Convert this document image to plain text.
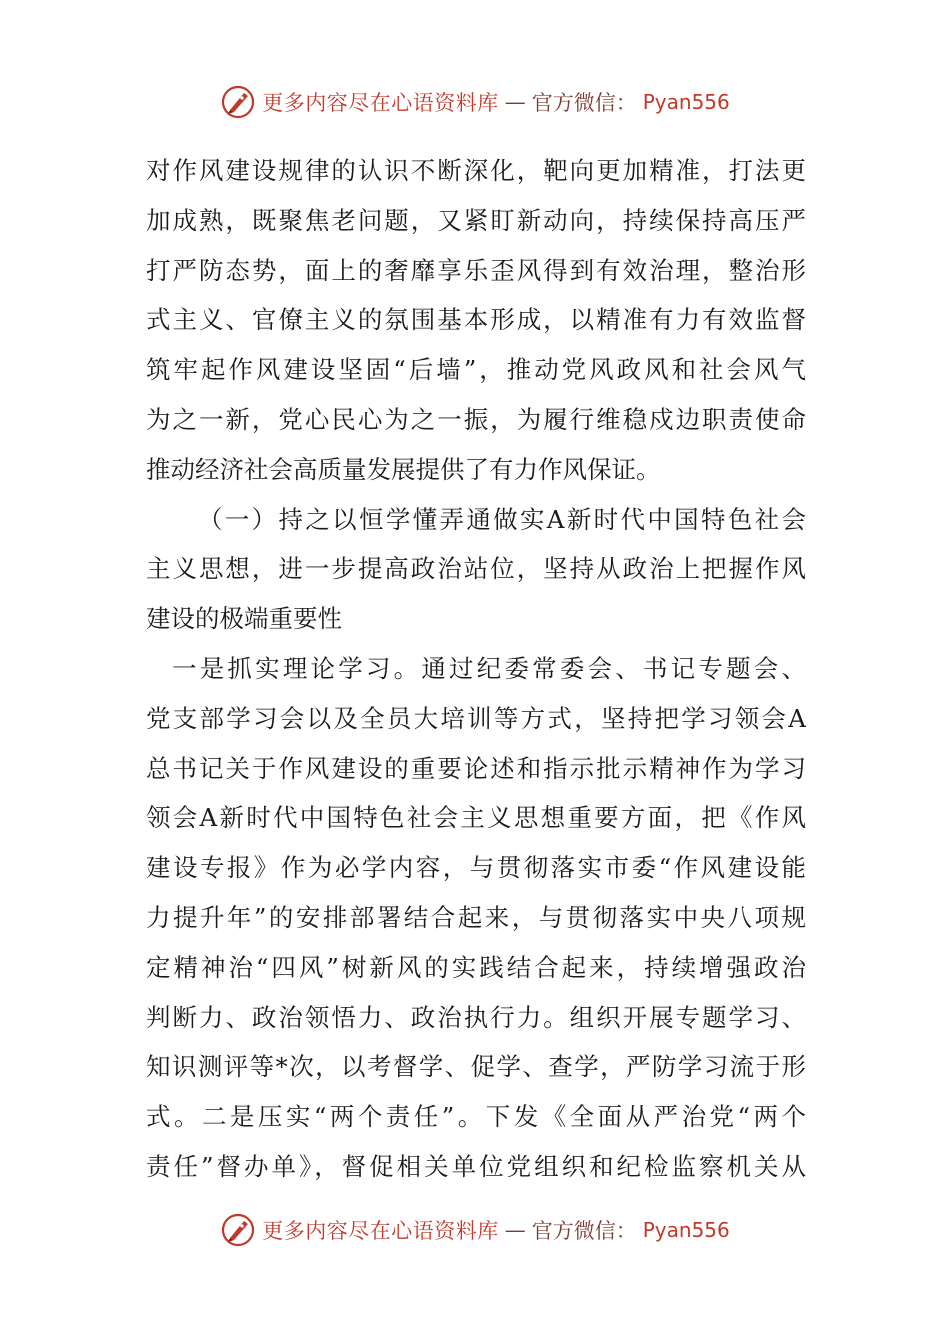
更多内容尽在心语资料库 — 官方微信： Pyan556
对作风建设规律的认识不断深化，靶向更加精准，打法更
加成熟，既聚焦老问题，又紧盯新动向，持续保持高压严
打严防态势，面上的奢靡享乐歪风得到有效治理，整治形
式主义、官僚主义的氛围基本形成，以精准有力有效监督
筑牢起作风建设坚固“后墙”，推动党风政风和社会风气
为之一新，党心民心为之一振，为履行维稳戍边职责使命
推动经济社会高质量发展提供了有力作风保证。
（一）持之以恒学懂弄通做实A新时代中国特色社会
主义思想，进一步提高政治站位，坚持从政治上把握作风
建设的极端重要性
一是抓实理论学习。通过纪委常委会、书记专题会、
党支部学习会以及全员大培训等方式，坚持把学习领会A
总书记关于作风建设的重要论述和指示批示精神作为学习
领会A新时代中国特色社会主义思想重要方面，把《作风
建设专报》作为必学内容，与贯彻落实市委“作风建设能
力提升年”的安排部署结合起来，与贯彻落实中央八项规
定精神治“四风”树新风的实践结合起来，持续增强政治
判断力、政治领悟力、政治执行力。组织开展专题学习、
知识测评等*次，以考督学、促学、查学，严防学习流于形
式。二是压实“两个责任”。下发《全面从严治党“两个
责任”督办单》，督促相关单位党组织和纪检监察机关从
更多内容尽在心语资料库 — 官方微信： Pyan556
